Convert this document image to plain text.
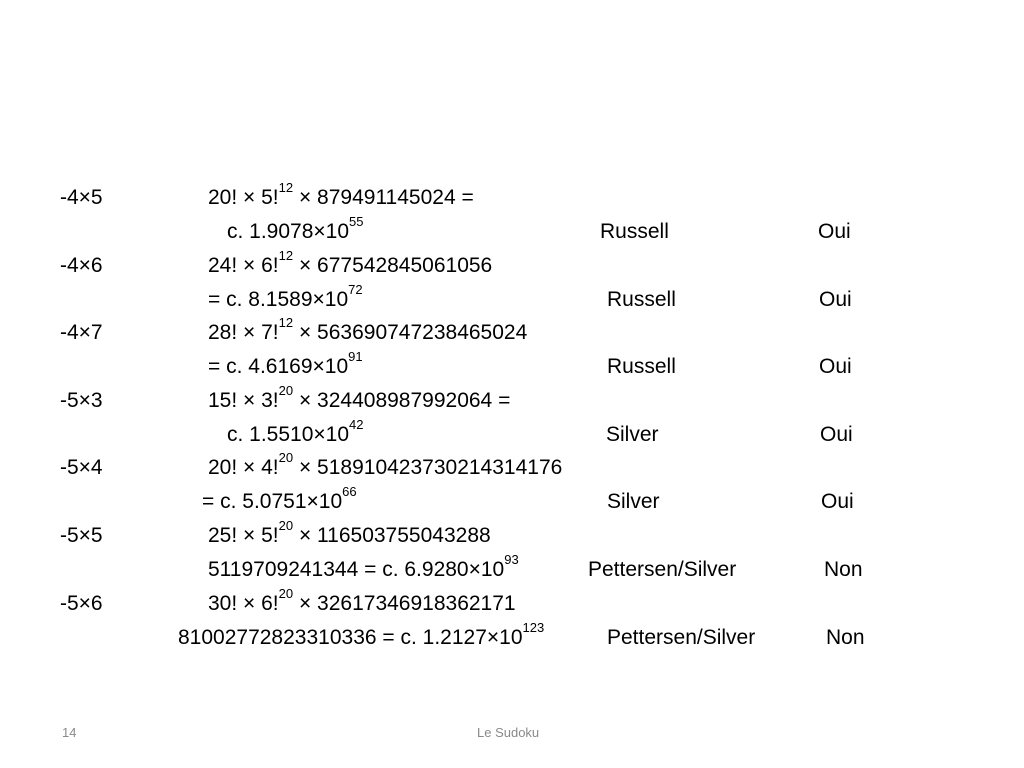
-4×5	20! × 5!$^{12}$ × 879491145024 =
c. $1.9078\times 10^{55}$	Russell	Oui
-4×6	24! × 6!$^{12}$ × 677542845061056
= c. $8.1589\times 10^{72}$	Russell	Oui
-4×7	28! × 7!$^{12}$ × 563690747238465024
= c. $4.6169\times 10^{91}$	Russell	Oui
-5×3	15! × 3!$^{20}$ × 324408987992064 =
c. $1.5510\times 10^{42}$	Silver	Oui
-5×4	20! × 4!$^{20}$ × 518910423730214314176
= c. $5.0751\times 10^{66}$	Silver	Oui
-5×5	25! × 5!$^{20}$ × 116503755043288
5119709241344 = c. $6.9280\times 10^{93}$	Pettersen/Silver	Non
-5×6	30! × 6!$^{20}$ × 32617346918362171
81002772823310336 = c. $1.2127\times 10^{123}$	Pettersen/Silver	Non
14	Le Sudoku
